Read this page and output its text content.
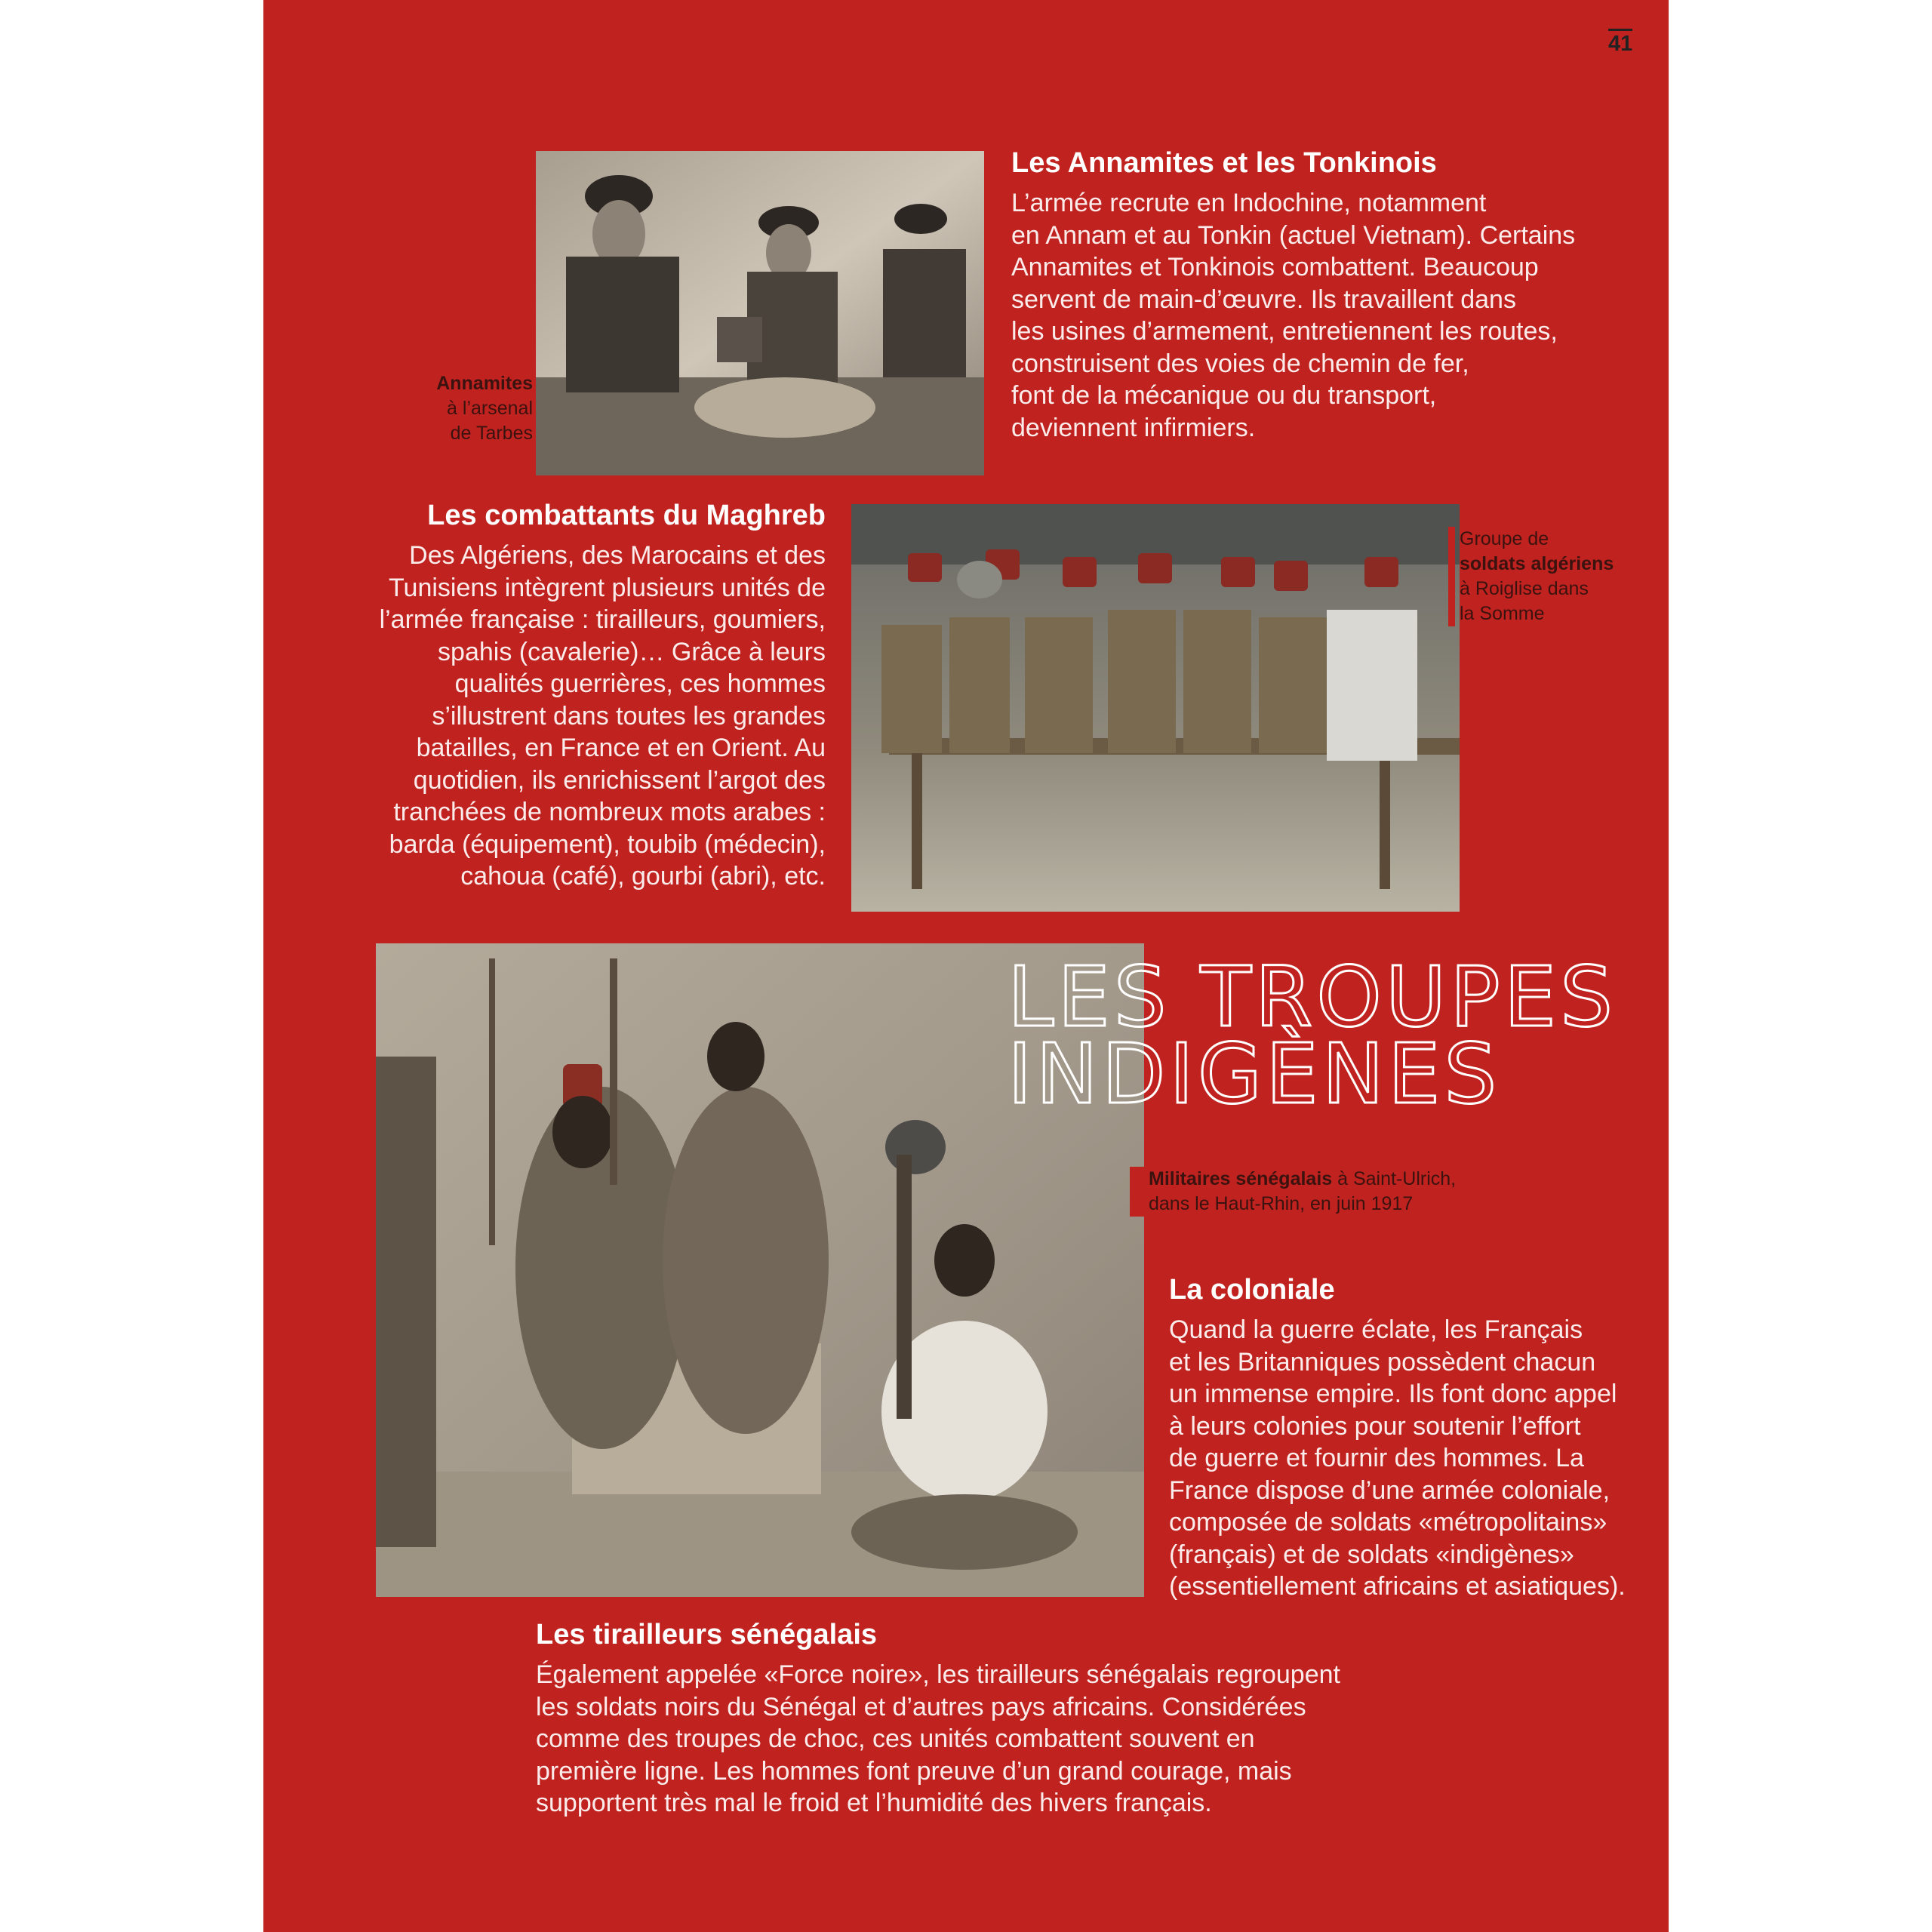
41
Annamites
à l’arsenal
de Tarbes
Les Annamites et les Tonkinois
L’armée recrute en Indochine, notamment
en Annam et au Tonkin (actuel Vietnam). Certains
Annamites et Tonkinois combattent. Beaucoup
servent de main-d’œuvre. Ils travaillent dans
les usines d’armement, entretiennent les routes,
construisent des voies de chemin de fer,
font de la mécanique ou du transport,
deviennent infirmiers.
Les combattants du Maghreb
Des Algériens, des Marocains et des
Tunisiens intègrent plusieurs unités de
l’armée française : tirailleurs, goumiers,
spahis (cavalerie)… Grâce à leurs
qualités guerrières, ces hommes
s’illustrent dans toutes les grandes
batailles, en France et en Orient. Au
quotidien, ils enrichissent l’argot des
tranchées de nombreux mots arabes :
barda (équipement), toubib (médecin),
cahoua (café), gourbi (abri), etc.
Groupe de
soldats algériens
à Roiglise dans
la Somme
LES TROUPES
INDIGÈNES
Militaires sénégalais à Saint-Ulrich,
dans le Haut-Rhin, en juin 1917
La coloniale
Quand la guerre éclate, les Français
et les Britanniques possèdent chacun
un immense empire. Ils font donc appel
à leurs colonies pour soutenir l’effort
de guerre et fournir des hommes. La
France dispose d’une armée coloniale,
composée de soldats «métropolitains»
(français) et de soldats «indigènes»
(essentiellement africains et asiatiques).
Les tirailleurs sénégalais
Également appelée «Force noire», les tirailleurs sénégalais regroupent
les soldats noirs du Sénégal et d’autres pays africains. Considérées
comme des troupes de choc, ces unités combattent souvent en
première ligne. Les hommes font preuve d’un grand courage, mais
supportent très mal le froid et l’humidité des hivers français.
